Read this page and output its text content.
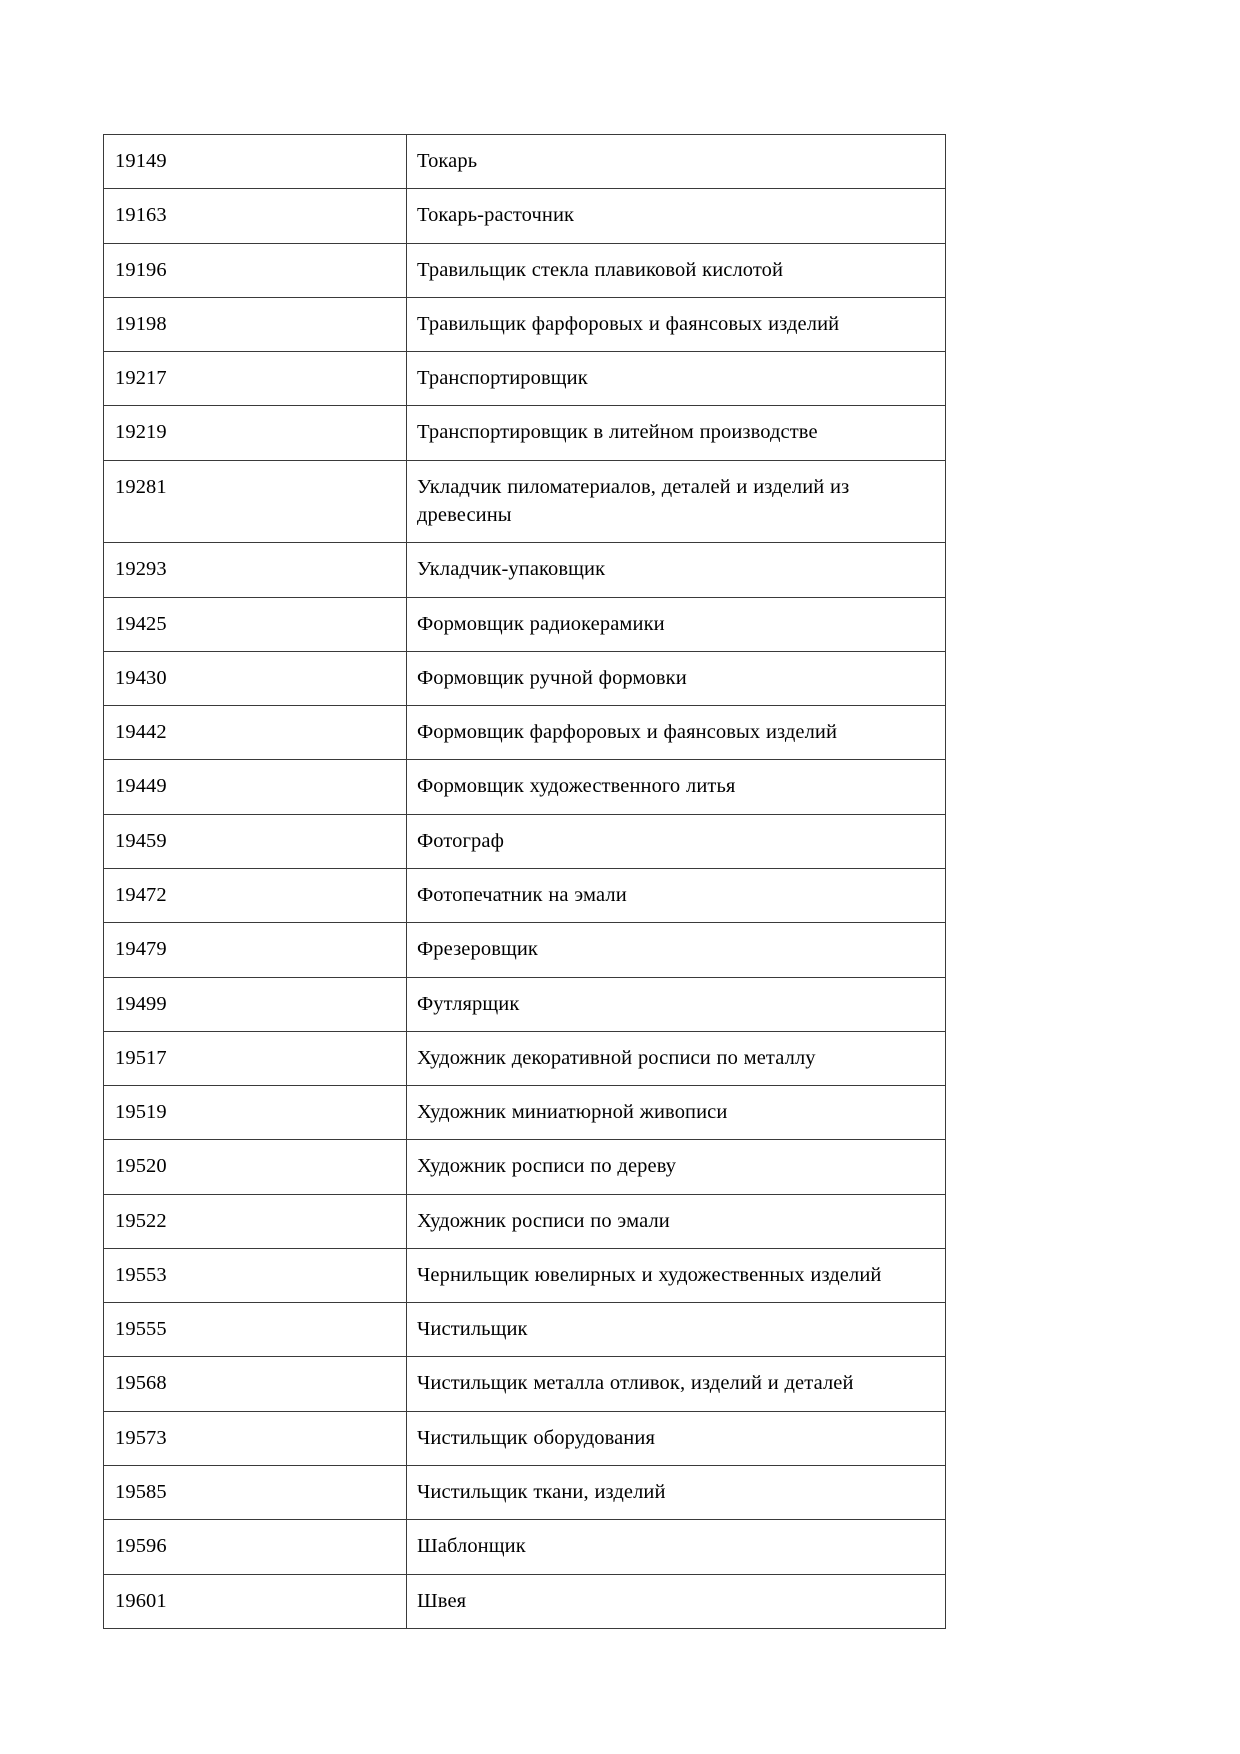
19149	Токарь
19163	Токарь-расточник
19196	Травильщик стекла плавиковой кислотой
19198	Травильщик фарфоровых и фаянсовых изделий
19217	Транспортировщик
19219	Транспортировщик в литейном производстве
19281	Укладчик пиломатериалов, деталей и изделий из древесины
19293	Укладчик-упаковщик
19425	Формовщик радиокерамики
19430	Формовщик ручной формовки
19442	Формовщик фарфоровых и фаянсовых изделий
19449	Формовщик художественного литья
19459	Фотограф
19472	Фотопечатник на эмали
19479	Фрезеровщик
19499	Футлярщик
19517	Художник декоративной росписи по металлу
19519	Художник миниатюрной живописи
19520	Художник росписи по дереву
19522	Художник росписи по эмали
19553	Чернильщик ювелирных и художественных изделий
19555	Чистильщик
19568	Чистильщик металла отливок, изделий и деталей
19573	Чистильщик оборудования
19585	Чистильщик ткани, изделий
19596	Шаблонщик
19601	Швея
